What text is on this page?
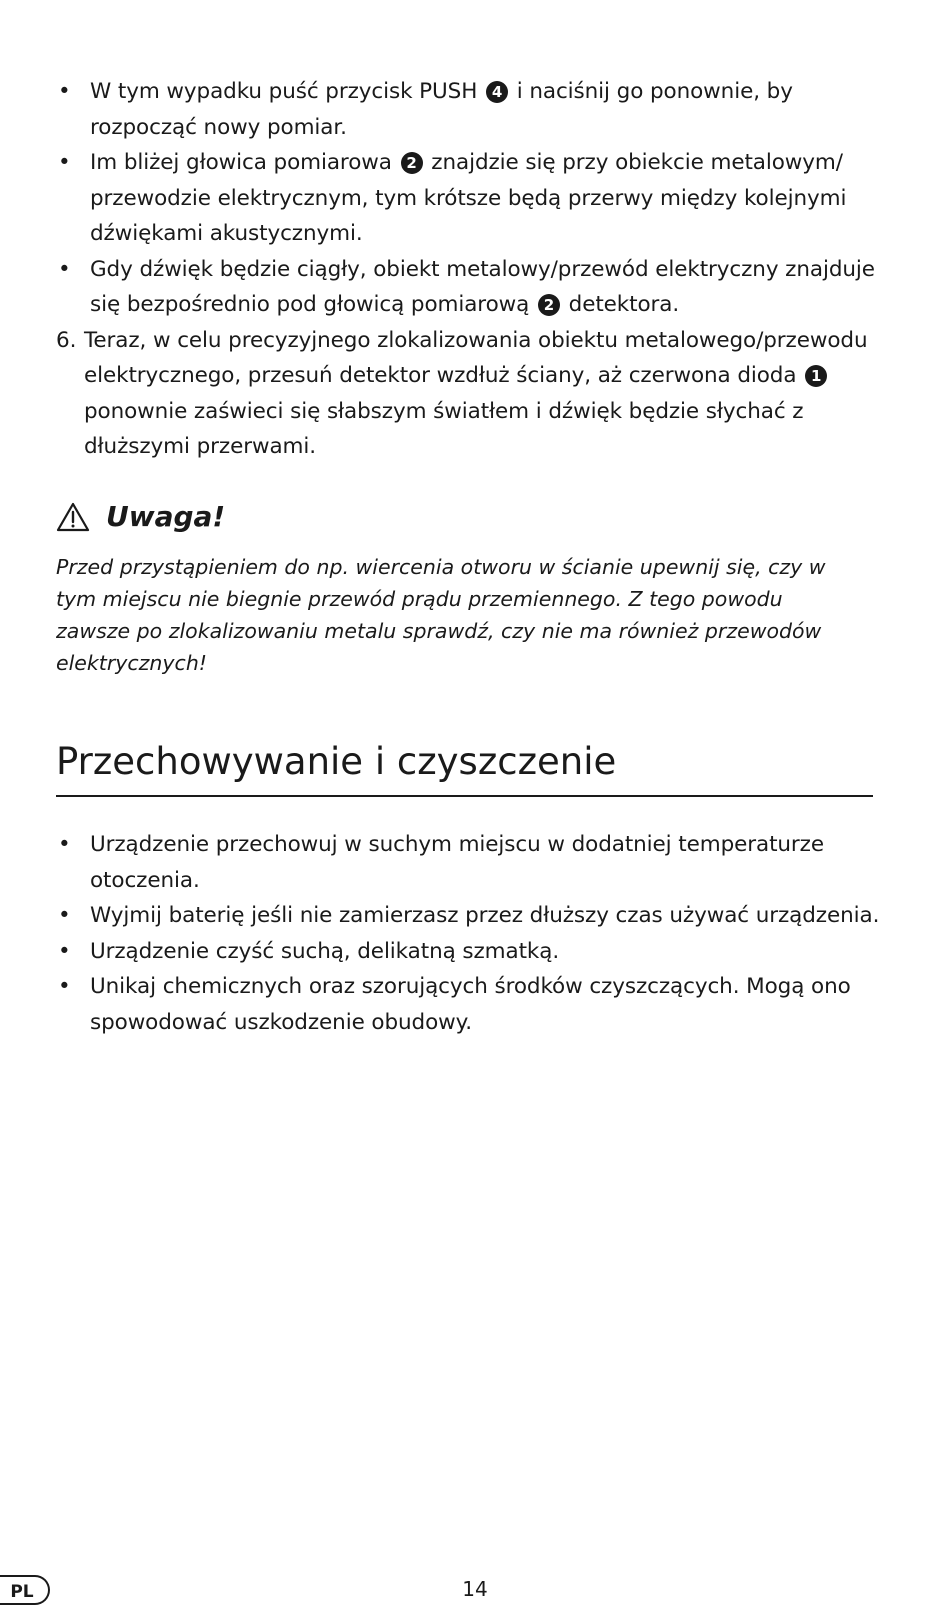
• W tym wypadku puść przycisk PUSH 4 i naciśnij go ponownie, by rozpocząć nowy pomiar.
• Im bliżej głowica pomiarowa 2 znajdzie się przy obiekcie metalowym/ przewodzie elektrycznym, tym krótsze będą przerwy między kolejnymi dźwiękami akustycznymi.
• Gdy dźwięk będzie ciągły, obiekt metalowy/przewód elektryczny znajduje się bezpośrednio pod głowicą pomiarową 2 detektora.
6. Teraz, w celu precyzyjnego zlokalizowania obiektu metalowego/przewodu elektrycznego, przesuń detektor wzdłuż ściany, aż czerwona dioda 1 ponownie zaświeci się słabszym światłem i dźwięk będzie słychać z dłuższymi przerwami.
Uwaga!
Przed przystąpieniem do np. wiercenia otworu w ścianie upewnij się, czy w tym miejscu nie biegnie przewód prądu przemiennego. Z tego powodu zawsze po zlokalizowaniu metalu sprawdź, czy nie ma również przewodów elektrycznych!
Przechowywanie i czyszczenie
• Urządzenie przechowuj w suchym miejscu w dodatniej temperaturze otoczenia.
• Wyjmij baterię jeśli nie zamierzasz przez dłuższy czas używać urządzenia.
• Urządzenie czyść suchą, delikatną szmatką.
• Unikaj chemicznych oraz szorujących środków czyszczących. Mogą ono spowodować uszkodzenie obudowy.
PL	14
